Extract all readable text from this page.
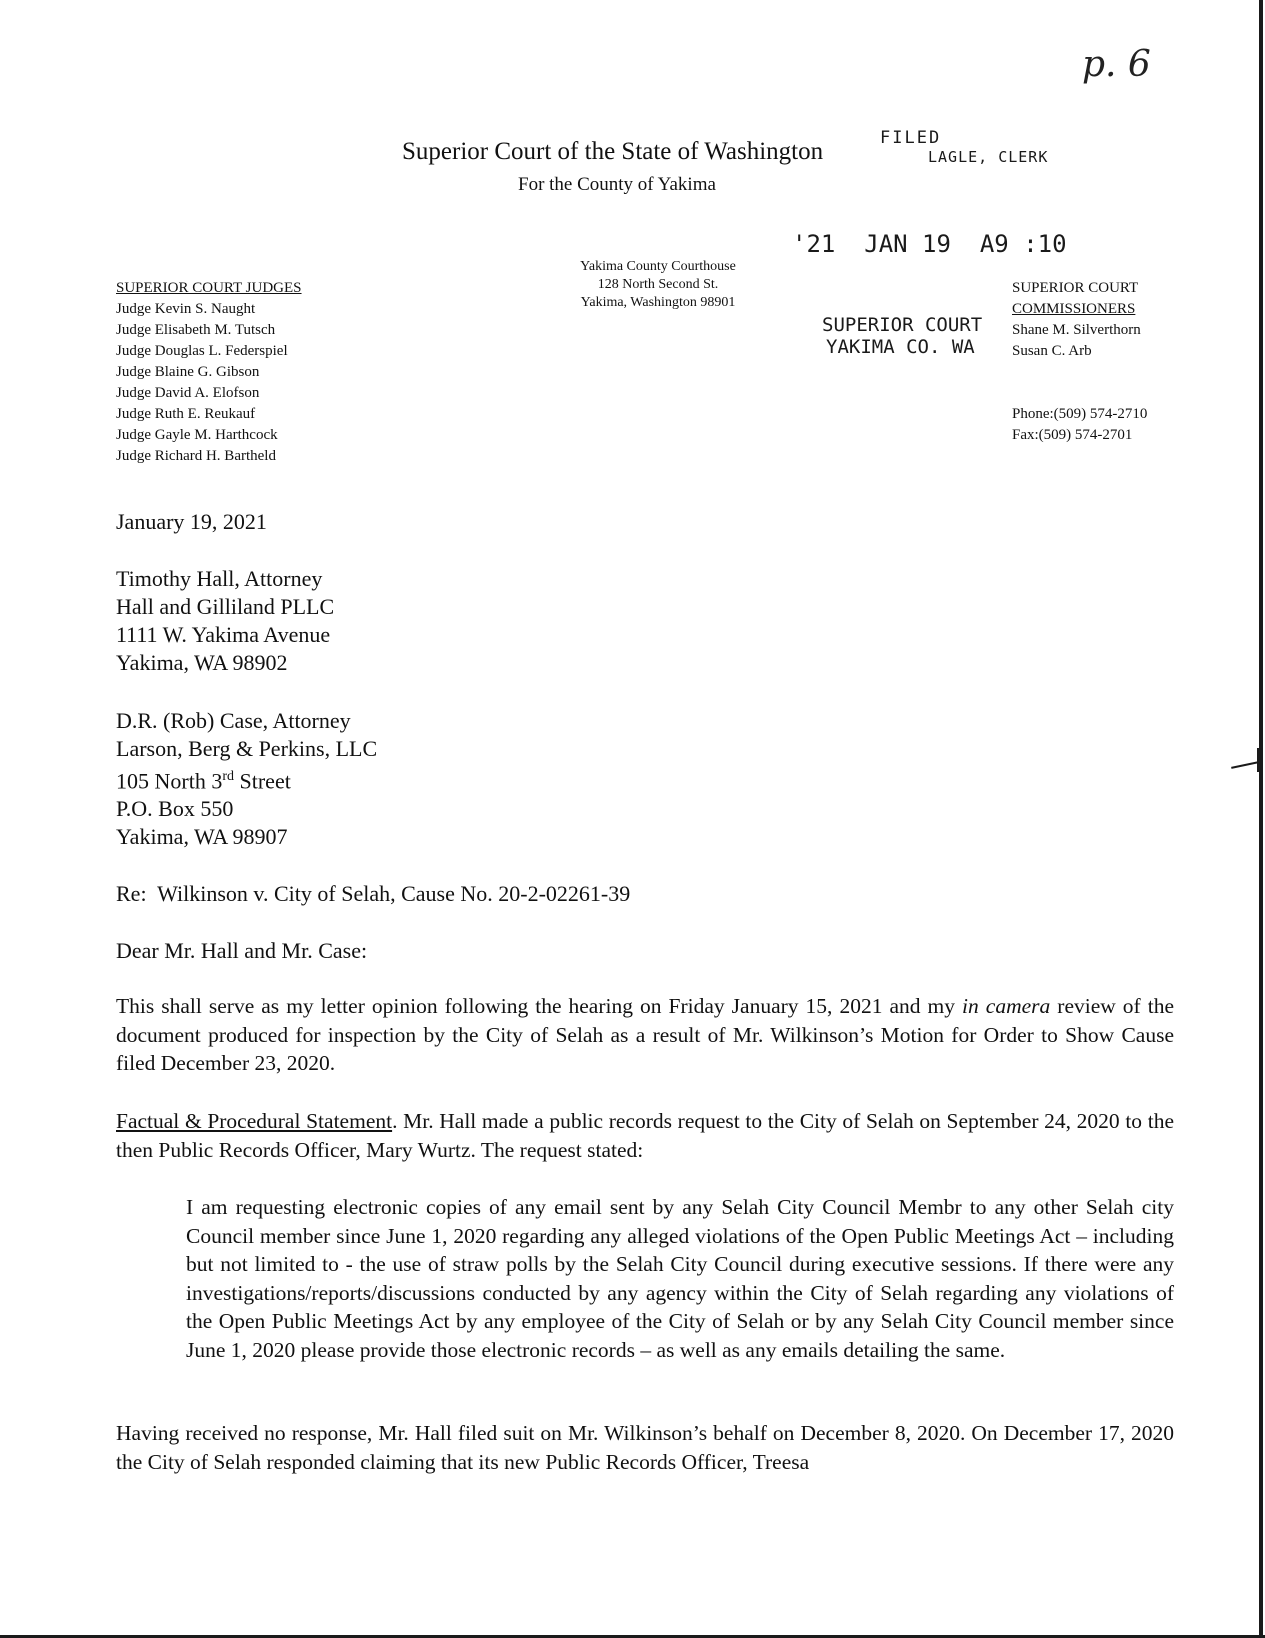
p. 6
Superior Court of the State of Washington
For the County of Yakima
FILED
LAGLE, CLERK
'21  JAN 19  A9 :10
SUPERIOR COURT
YAKIMA CO. WA
SUPERIOR COURT JUDGES
Judge Kevin S. Naught
Judge Elisabeth M. Tutsch
Judge Douglas L. Federspiel
Judge Blaine G. Gibson
Judge David A. Elofson
Judge Ruth E. Reukauf
Judge Gayle M. Harthcock
Judge Richard H. Bartheld
Yakima County Courthouse
128 North Second St.
Yakima, Washington 98901
SUPERIOR COURT
COMMISSIONERS
Shane M. Silverthorn
Susan C. Arb
Phone:(509) 574-2710
Fax:(509) 574-2701
January 19, 2021
Timothy Hall, Attorney
Hall and Gilliland PLLC
1111 W. Yakima Avenue
Yakima, WA 98902
D.R. (Rob) Case, Attorney
Larson, Berg & Perkins, LLC
105 North 3rd Street
P.O. Box 550
Yakima, WA 98907
Re:  Wilkinson v. City of Selah, Cause No. 20-2-02261-39
Dear Mr. Hall and Mr. Case:
This shall serve as my letter opinion following the hearing on Friday January 15, 2021 and my in camera review of the document produced for inspection by the City of Selah as a result of Mr. Wilkinson’s Motion for Order to Show Cause filed December 23, 2020.
Factual & Procedural Statement. Mr. Hall made a public records request to the City of Selah on September 24, 2020 to the then Public Records Officer, Mary Wurtz. The request stated:
I am requesting electronic copies of any email sent by any Selah City Council Membr to any other Selah city Council member since June 1, 2020 regarding any alleged violations of the Open Public Meetings Act – including but not limited to - the use of straw polls by the Selah City Council during executive sessions. If there were any investigations/reports/discussions conducted by any agency within the City of Selah regarding any violations of the Open Public Meetings Act by any employee of the City of Selah or by any Selah City Council member since June 1, 2020 please provide those electronic records – as well as any emails detailing the same.
Having received no response, Mr. Hall filed suit on Mr. Wilkinson’s behalf on December 8, 2020. On December 17, 2020 the City of Selah responded claiming that its new Public Records Officer, Treesa
